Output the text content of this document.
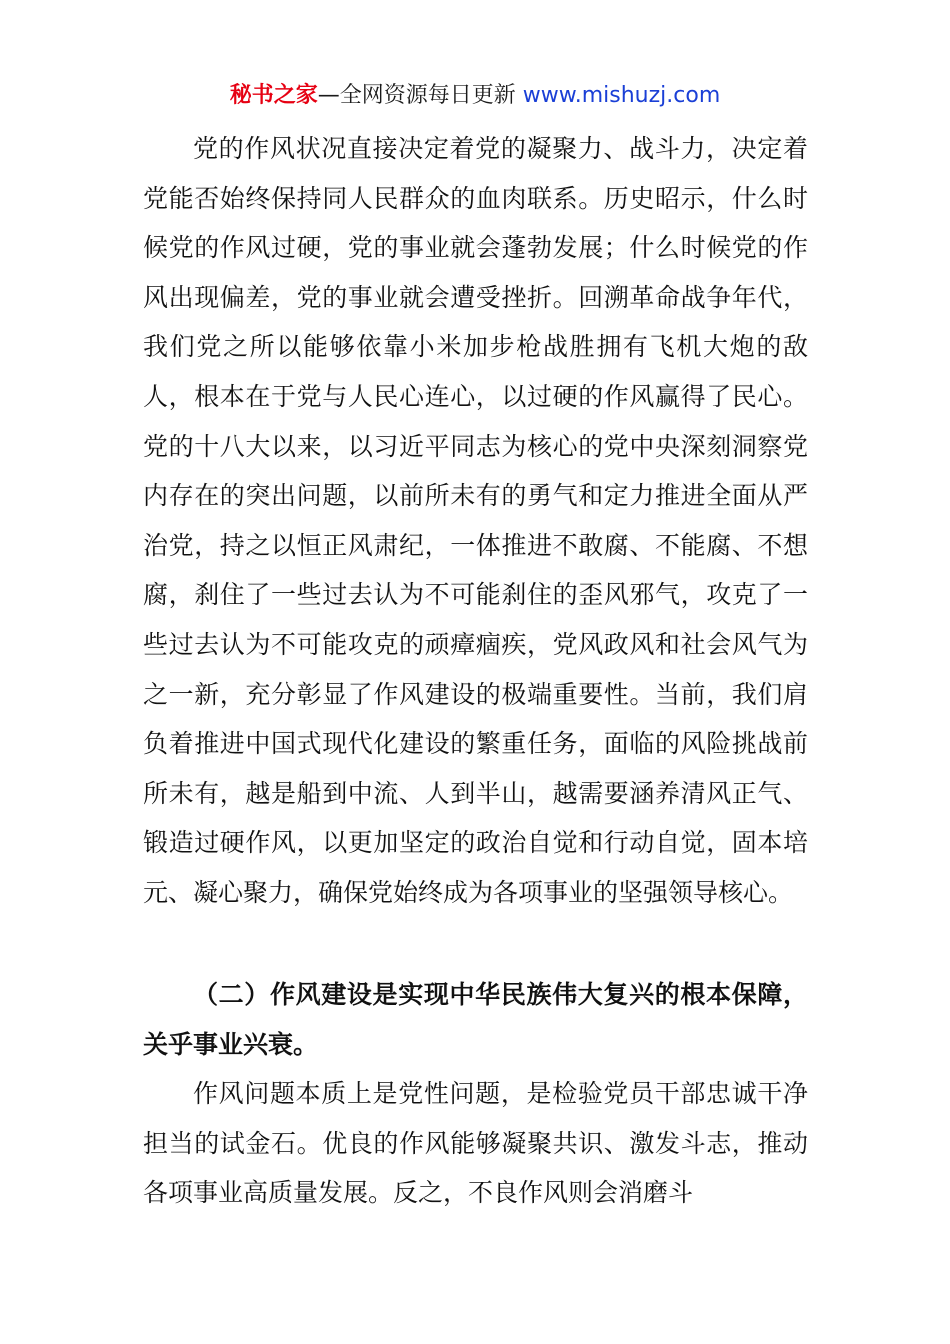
秘书之家—全网资源每日更新 www.mishuzj.com

党的作风状况直接决定着党的凝聚力、战斗力，决定着党能否始终保持同人民群众的血肉联系。历史昭示，什么时候党的作风过硬，党的事业就会蓬勃发展；什么时候党的作风出现偏差，党的事业就会遭受挫折。回溯革命战争年代，我们党之所以能够依靠小米加步枪战胜拥有飞机大炮的敌人，根本在于党与人民心连心，以过硬的作风赢得了民心。党的十八大以来，以习近平同志为核心的党中央深刻洞察党内存在的突出问题，以前所未有的勇气和定力推进全面从严治党，持之以恒正风肃纪，一体推进不敢腐、不能腐、不想腐，刹住了一些过去认为不可能刹住的歪风邪气，攻克了一些过去认为不可能攻克的顽瘴痼疾，党风政风和社会风气为之一新，充分彰显了作风建设的极端重要性。当前，我们肩负着推进中国式现代化建设的繁重任务，面临的风险挑战前所未有，越是船到中流、人到半山，越需要涵养清风正气、锻造过硬作风，以更加坚定的政治自觉和行动自觉，固本培元、凝心聚力，确保党始终成为各项事业的坚强领导核心。

（二）作风建设是实现中华民族伟大复兴的根本保障，关乎事业兴衰。

作风问题本质上是党性问题，是检验党员干部忠诚干净担当的试金石。优良的作风能够凝聚共识、激发斗志，推动各项事业高质量发展。反之，不良作风则会消磨斗
